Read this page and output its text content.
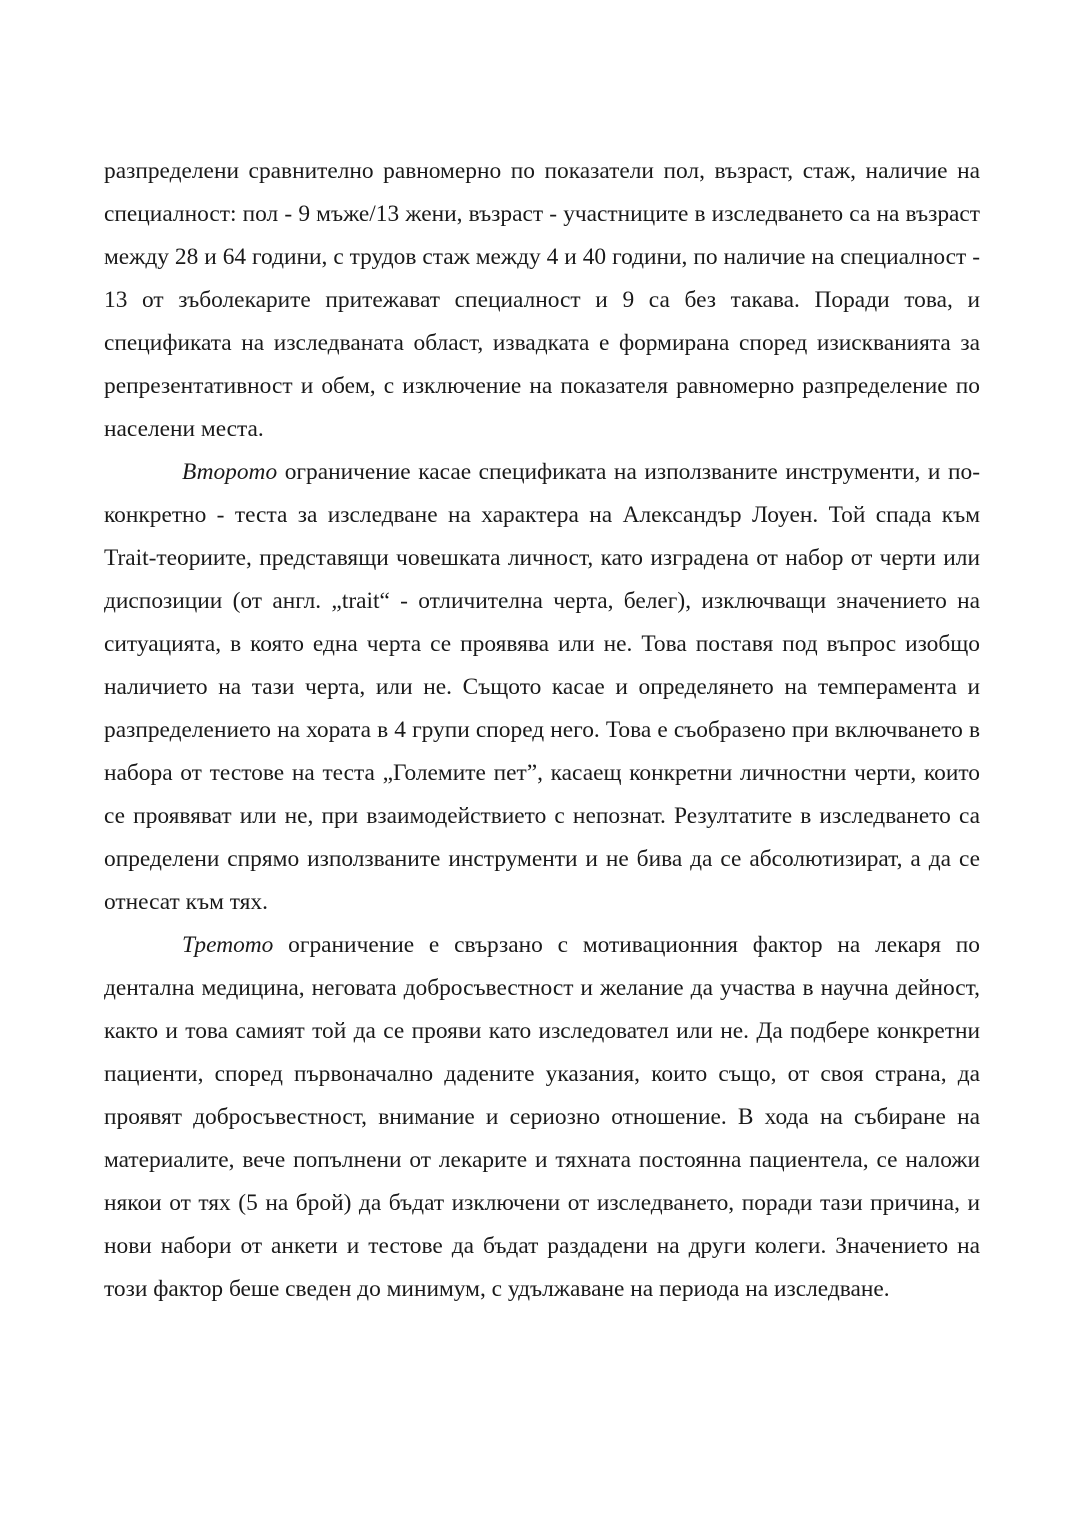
разпределени сравнително равномерно по показатели пол, възраст, стаж, наличие на специалност: пол - 9 мъже/13 жени, възраст - участниците в изследването са на възраст между 28 и 64 години, с трудов стаж между 4 и 40 години, по наличие на специалност - 13 от зъболекарите притежават специалност и 9 са без такава. Поради това, и спецификата на изследваната област, извадката е формирана според изискванията за репрезентативност и обем, с изключение на показателя равномерно разпределение по населени места.

Второто ограничение касае спецификата на използваните инструменти, и по-конкретно - теста за изследване на характера на Александър Лоуен. Той спада към Trait-теориите, представящи човешката личност, като изградена от набор от черти или диспозиции (от англ. „trait“ - отличителна черта, белег), изключващи значението на ситуацията, в която една черта се проявява или не. Това поставя под въпрос изобщо наличието на тази черта, или не. Същото касае и определянето на темперамента и разпределението на хората в 4 групи според него. Това е съобразено при включването в набора от тестове на теста „Големите пет”, касаещ конкретни личностни черти, които се проявяват или не, при взаимодействието с непознат. Резултатите в изследването са определени спрямо използваните инструменти и не бива да се абсолютизират, а да се отнесат към тях.

Третото ограничение е свързано с мотивационния фактор на лекаря по дентална медицина, неговата добросъвестност и желание да участва в научна дейност, както и това самият той да се прояви като изследовател или не. Да подбере конкретни пациенти, според първоначално дадените указания, които също, от своя страна, да проявят добросъвестност, внимание и сериозно отношение. В хода на събиране на материалите, вече попълнени от лекарите и тяхната постоянна пациентела, се наложи някои от тях (5 на брой) да бъдат изключени от изследването, поради тази причина, и нови набори от анкети и тестове да бъдат раздадени на други колеги. Значението на този фактор беше сведен до минимум, с удължаване на периода на изследване.
